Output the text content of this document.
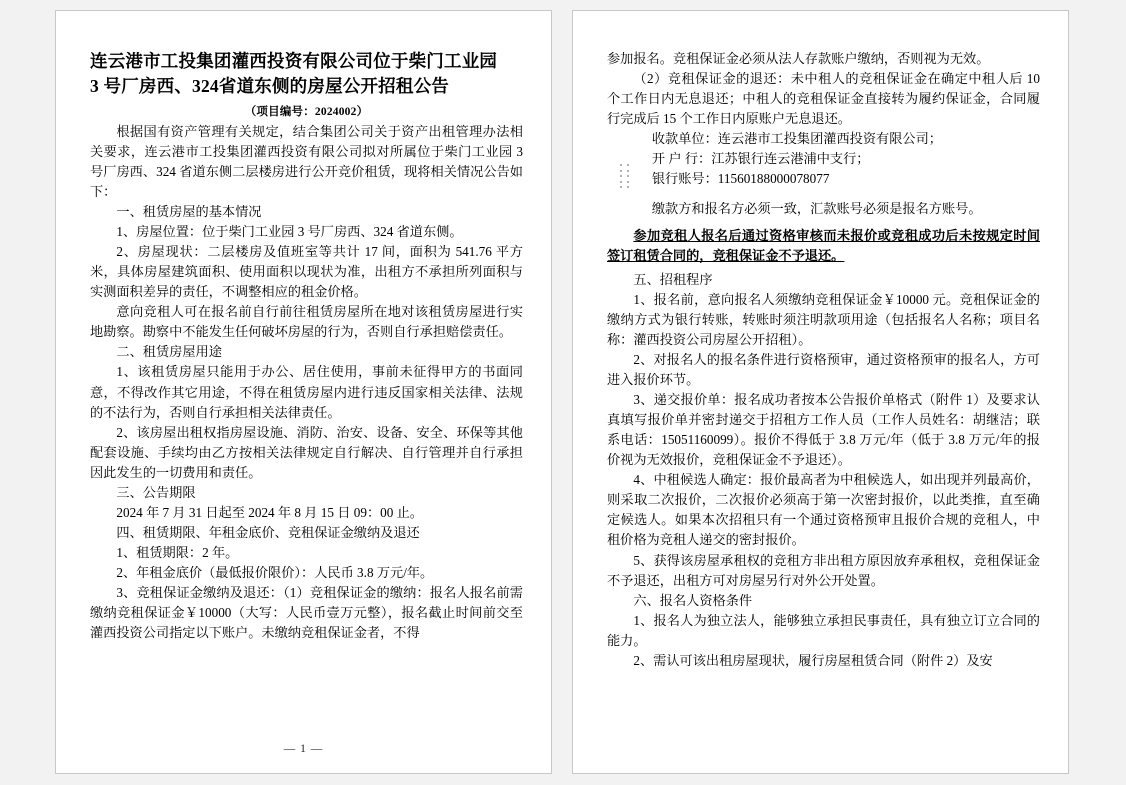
连云港市工投集团灌西投资有限公司位于柴门工业园
3 号厂房西、324省道东侧的房屋公开招租公告
（项目编号：2024002）

根据国有资产管理有关规定，结合集团公司关于资产出租管理办法相关要求，连云港市工投集团灌西投资有限公司拟对所属位于柴门工业园 3 号厂房西、324 省道东侧二层楼房进行公开竞价租赁，现将相关情况公告如下：

一、租赁房屋的基本情况

1、房屋位置：位于柴门工业园 3 号厂房西、324 省道东侧。

2、房屋现状：二层楼房及值班室等共计 17 间，面积为 541.76 平方米，具体房屋建筑面积、使用面积以现状为准，出租方不承担所列面积与实测面积差异的责任，不调整相应的租金价格。

意向竞租人可在报名前自行前往租赁房屋所在地对该租赁房屋进行实地勘察。勘察中不能发生任何破坏房屋的行为，否则自行承担赔偿责任。

二、租赁房屋用途

1、该租赁房屋只能用于办公、居住使用，事前未征得甲方的书面同意，不得改作其它用途，不得在租赁房屋内进行违反国家相关法律、法规的不法行为，否则自行承担相关法律责任。

2、该房屋出租权指房屋设施、消防、治安、设备、安全、环保等其他配套设施、手续均由乙方按相关法律规定自行解决、自行管理并自行承担因此发生的一切费用和责任。

三、公告期限

2024 年 7 月 31 日起至 2024 年 8 月 15 日 09：00 止。

四、租赁期限、年租金底价、竞租保证金缴纳及退还

1、租赁期限：2 年。

2、年租金底价（最低报价限价）：人民币 3.8 万元/年。

3、竞租保证金缴纳及退还：（1）竞租保证金的缴纳：报名人报名前需缴纳竞租保证金￥10000（大写：人民币壹万元整），报名截止时间前交至灌西投资公司指定以下账户。未缴纳竞租保证金者，不得

— 1 —

参加报名。竞租保证金必须从法人存款账户缴纳，否则视为无效。

（2）竞租保证金的退还：未中租人的竞租保证金在确定中租人后 10 个工作日内无息退还；中租人的竞租保证金直接转为履约保证金，合同履行完成后 15 个工作日内原账户无息退还。

收款单位：连云港市工投集团灌西投资有限公司；

开 户 行：江苏银行连云港浦中支行；

银行账号：11560188000078077

缴款方和报名方必须一致，汇款账号必须是报名方账号。

参加竞租人报名后通过资格审核而未报价或竞租成功后未按规定时间签订租赁合同的，竞租保证金不予退还。

五、招租程序

1、报名前，意向报名人须缴纳竞租保证金￥10000 元。竞租保证金的缴纳方式为银行转账，转账时须注明款项用途（包括报名人名称；项目名称：灌西投资公司房屋公开招租）。

2、对报名人的报名条件进行资格预审，通过资格预审的报名人，方可进入报价环节。

3、递交报价单：报名成功者按本公告报价单格式（附件 1）及要求认真填写报价单并密封递交于招租方工作人员（工作人员姓名：胡继洁；联系电话：15051160099）。报价不得低于 3.8 万元/年（低于 3.8 万元/年的报价视为无效报价，竞租保证金不予退还）。

4、中租候选人确定：报价最高者为中租候选人，如出现并列最高价，则采取二次报价，二次报价必须高于第一次密封报价，以此类推，直至确定候选人。如果本次招租只有一个通过资格预审且报价合规的竞租人，中租价格为竞租人递交的密封报价。

5、获得该房屋承租权的竞租方非出租方原因放弃承租权，竞租保证金不予退还，出租方可对房屋另行对外公开处置。

六、报名人资格条件

1、报名人为独立法人，能够独立承担民事责任，具有独立订立合同的能力。

2、需认可该出租房屋现状，履行房屋租赁合同（附件 2）及安
